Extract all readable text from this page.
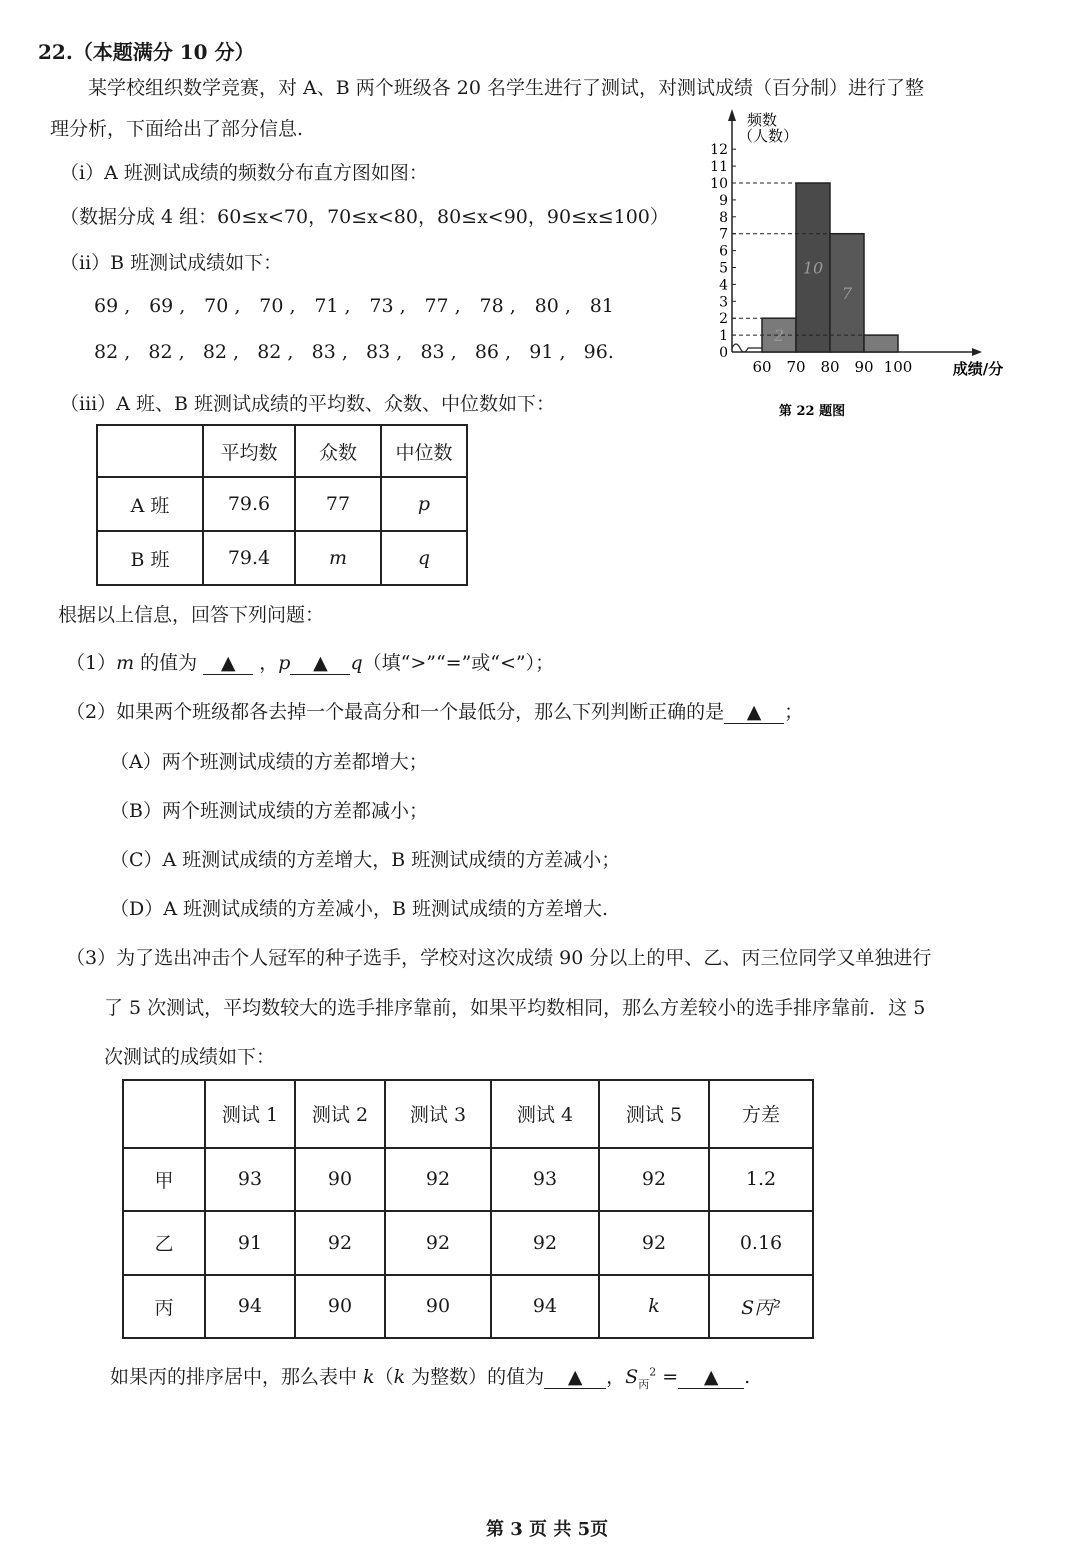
22.（本题满分 10 分）
某学校组织数学竞赛，对 A、B 两个班级各 20 名学生进行了测试，对测试成绩（百分制）进行了整
理分析，下面给出了部分信息.
（i）A 班测试成绩的频数分布直方图如图：
（数据分成 4 组：60≤x<70，70≤x<80，80≤x<90，90≤x≤100）
（ii）B 班测试成绩如下：
69 , 69 , 70 , 70 , 71 , 73 , 77 , 78 , 80 , 81
82 , 82 , 82 , 82 , 83 , 83 , 83 , 86 , 91 , 96.
（iii）A 班、B 班测试成绩的平均数、众数、中位数如下：
	平均数	众数	中位数
A 班	79.6	77	p
B 班	79.4	m	q
0
1
2
3
4
5
6
7
8
9
10
11
12
2
10
7
60 70 80 90 100
频数
（人数）
成绩/分
第 22 题图
根据以上信息，回答下列问题：
（1）m 的值为 ▲ ，p ▲ q（填“>”“=”或“<”）；
（2）如果两个班级都各去掉一个最高分和一个最低分，那么下列判断正确的是 ▲ ；
（A）两个班测试成绩的方差都增大；
（B）两个班测试成绩的方差都减小；
（C）A 班测试成绩的方差增大，B 班测试成绩的方差减小；
（D）A 班测试成绩的方差减小，B 班测试成绩的方差增大.
（3）为了选出冲击个人冠军的种子选手，学校对这次成绩 90 分以上的甲、乙、丙三位同学又单独进行
了 5 次测试，平均数较大的选手排序靠前，如果平均数相同，那么方差较小的选手排序靠前．这 5
次测试的成绩如下：
	测试 1	测试 2	测试 3	测试 4	测试 5	方差
甲	93	90	92	93	92	1.2
乙	91	92	92	92	92	0.16
丙	94	90	90	94	k	S丙²
如果丙的排序居中，那么表中 k（k 为整数）的值为 ▲ ，$S_丙^2$ = ▲ .
第 3 页 共 5页
